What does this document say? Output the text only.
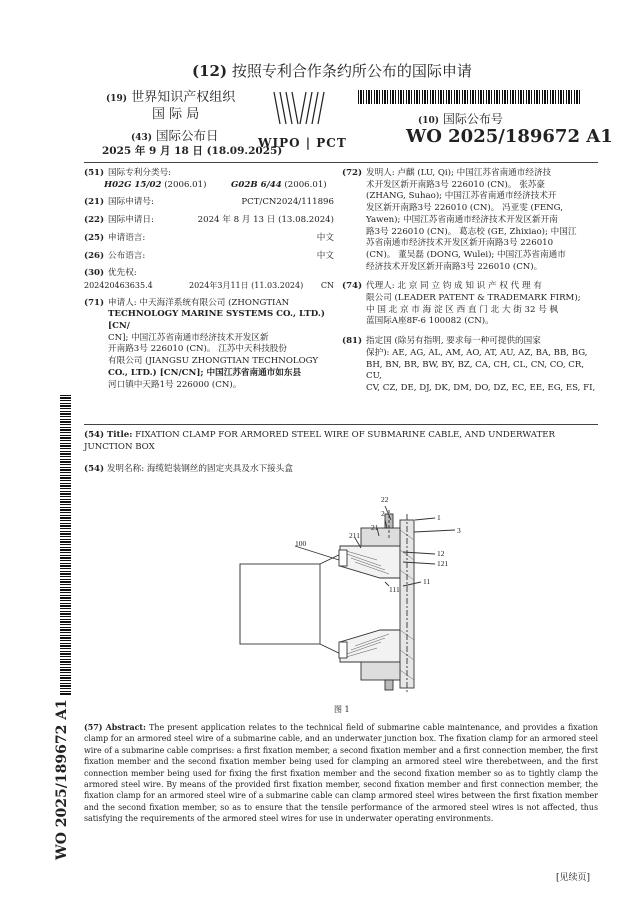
(12) 按照专利合作条约所公布的国际申请
(19) 世界知识产权组织
国 际 局
(43) 国际公布日
2025 年 9 月 18 日 (18.09.2025)
WIPO | PCT
(10) 国际公布号
WO 2025/189672 A1
(51) 国际专利分类号:
H02G 15/02 (2006.01)	G02B 6/44 (2006.01)
(21) 国际申请号:	PCT/CN2024/111896
(22) 国际申请日:	2024 年 8 月 13 日 (13.08.2024)
(25) 申请语言:	中文
(26) 公布语言:	中文
(30) 优先权:
202420463635.4	2024年3月11日 (11.03.2024) CN
(71) 申请人: 中天海洋系统有限公司 (ZHONGTIAN
TECHNOLOGY MARINE SYSTEMS CO., LTD.) [CN/
CN]; 中国江苏省南通市经济技术开发区新
开南路3号 226010 (CN)。 江苏中天科技股份
有限公司 (JIANGSU ZHONGTIAN TECHNOLOGY
CO., LTD.) [CN/CN]; 中国江苏省南通市如东县
河口镇中天路1号 226000 (CN)。
(72) 发明人: 卢麒 (LU, Qi); 中国江苏省南通市经济技
术开发区新开南路3号 226010 (CN)。 张苏豪
(ZHANG, Suhao); 中国江苏省南通市经济技术开
发区新开南路3号 226010 (CN)。 冯亚雯 (FENG,
Yawen); 中国江苏省南通市经济技术开发区新开南
路3号 226010 (CN)。 葛志校 (GE, Zhixiao); 中国江
苏省南通市经济技术开发区新开南路3号 226010
(CN)。 董吴磊 (DONG, Wulei); 中国江苏省南通市
经济技术开发区新开南路3号 226010 (CN)。
(74) 代理人: 北 京 同 立 钧 成 知 识 产 权 代 理 有
限公司 (LEADER PATENT & TRADEMARK FIRM);
中 国 北 京 市 海 淀 区 西 直 门 北 大 街 32 号 枫
蓝国际A座8F-6 100082 (CN)。
(81) 指定国 (除另有指明, 要求每一种可提供的国家
保护): AE, AG, AL, AM, AO, AT, AU, AZ, BA, BB, BG,
BH, BN, BR, BW, BY, BZ, CA, CH, CL, CN, CO, CR, CU,
CV, CZ, DE, DJ, DK, DM, DO, DZ, EC, EE, EG, ES, FI,
(54) Title: FIXATION CLAMP FOR ARMORED STEEL WIRE OF SUBMARINE CABLE, AND UNDERWATER JUNCTION BOX
(54) 发明名称: 海缆铠装钢丝的固定夹具及水下接头盒
22
2
21
1
3
100
211
12
121
111
11
图 1
(57) Abstract: The present application relates to the technical field of submarine cable maintenance, and provides a fixation clamp for an armored steel wire of a submarine cable, and an underwater junction box. The fixation clamp for an armored steel wire of a submarine cable comprises: a first fixation member, a second fixation member and a first connection member, the first fixation member and the second fixation member being used for clamping an armored steel wire therebetween, and the first connection member being used for fixing the first fixation member and the second fixation member so as to tightly clamp the armored steel wire. By means of the provided first fixation member, second fixation member and first connection member, the fixation clamp for an armored steel wire of a submarine cable can clamp armored steel wires between the first fixation member and the second fixation member, so as to ensure that the tensile performance of the armored steel wires is not affected, thus satisfying the requirements of the armored steel wires for use in underwater operating environments.
WO 2025/189672 A1
[见续页]
